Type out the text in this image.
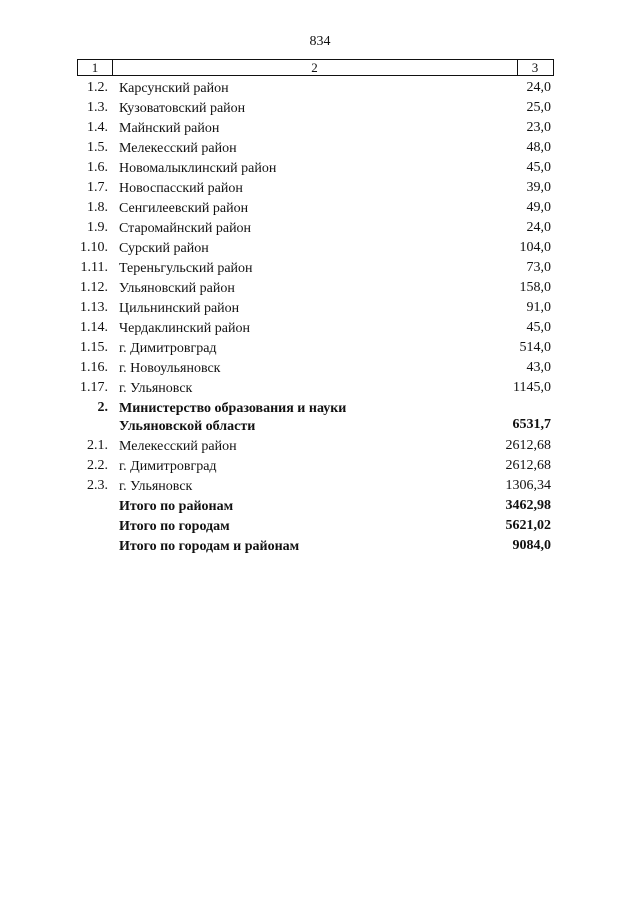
834
1	2	3
1.2. Карсунский район	24,0
1.3. Кузоватовский район	25,0
1.4. Майнский район	23,0
1.5. Мелекесский район	48,0
1.6. Новомалыклинский район	45,0
1.7. Новоспасский район	39,0
1.8. Сенгилеевский район	49,0
1.9. Старомайнский район	24,0
1.10. Сурский район	104,0
1.11. Тереньгульский район	73,0
1.12. Ульяновский район	158,0
1.13. Цильнинский район	91,0
1.14. Чердаклинский район	45,0
1.15. г. Димитровград	514,0
1.16. г. Новоульяновск	43,0
1.17. г. Ульяновск	1145,0
2. Министерство образования и науки
Ульяновской области	6531,7
2.1. Мелекесский район	2612,68
2.2. г. Димитровград	2612,68
2.3. г. Ульяновск	1306,34
Итого по районам	3462,98
Итого по городам	5621,02
Итого по городам и районам	9084,0
